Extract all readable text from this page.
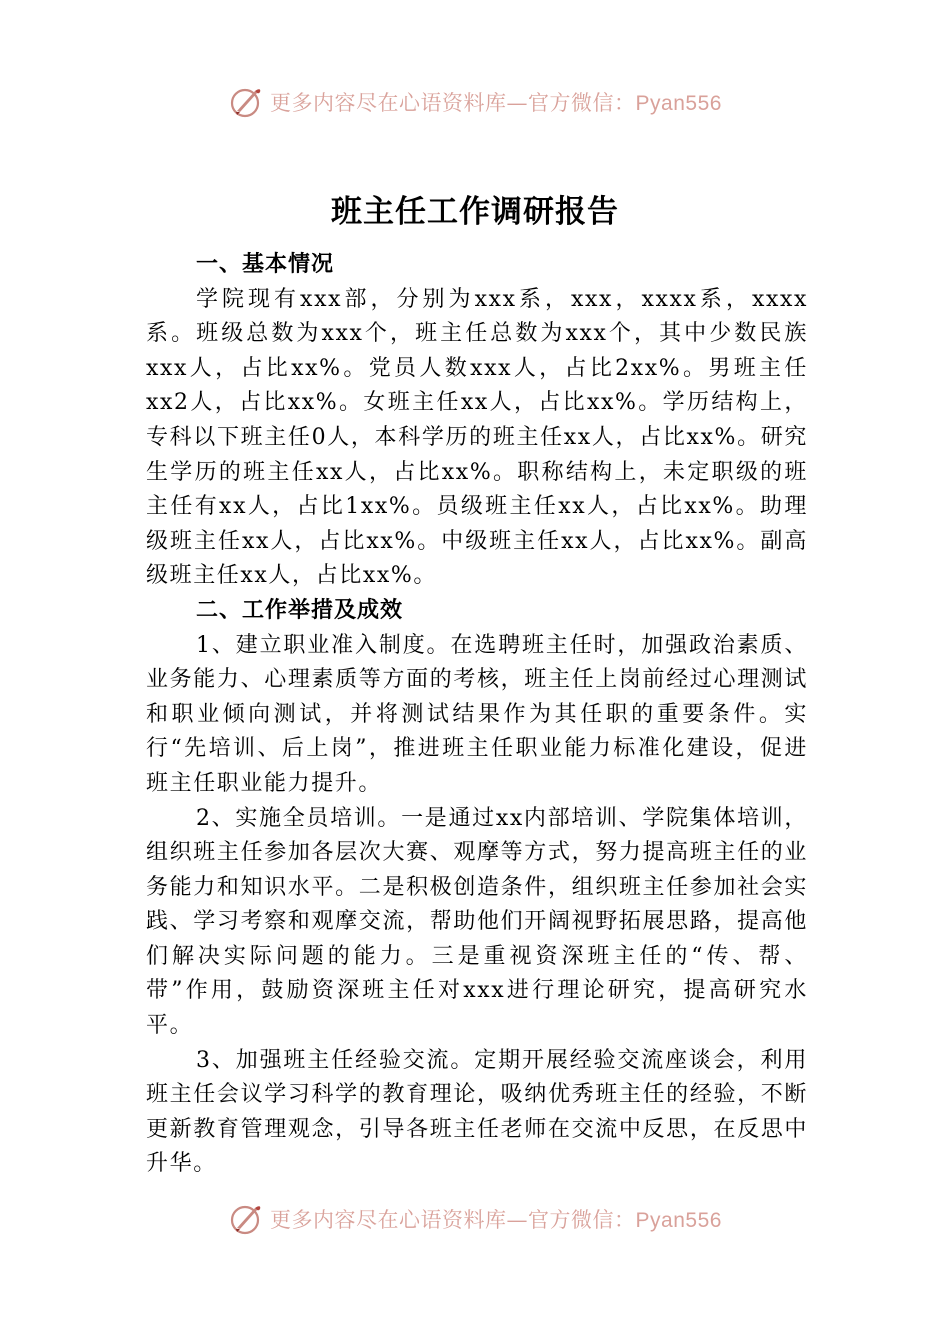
更多内容尽在心语资料库—官方微信：Pyan556
班主任工作调研报告
一、基本情况

学院现有xxx部，分别为xxx系，xxx，xxxx系，xxxx系。班级总数为xxx个，班主任总数为xxx个，其中少数民族xxx人，占比xx%。党员人数xxx人，占比2xx%。男班主任xx2人，占比xx%。女班主任xx人，占比xx%。学历结构上，专科以下班主任0人，本科学历的班主任xx人，占比xx%。研究生学历的班主任xx人，占比xx%。职称结构上，未定职级的班主任有xx人，占比1xx%。员级班主任xx人，占比xx%。助理级班主任xx人，占比xx%。中级班主任xx人，占比xx%。副高级班主任xx人，占比xx%。

二、工作举措及成效

1、建立职业准入制度。在选聘班主任时，加强政治素质、业务能力、心理素质等方面的考核，班主任上岗前经过心理测试和职业倾向测试，并将测试结果作为其任职的重要条件。实行“先培训、后上岗”，推进班主任职业能力标准化建设，促进班主任职业能力提升。

2、实施全员培训。一是通过xx内部培训、学院集体培训，组织班主任参加各层次大赛、观摩等方式，努力提高班主任的业务能力和知识水平。二是积极创造条件，组织班主任参加社会实践、学习考察和观摩交流，帮助他们开阔视野拓展思路，提高他们解决实际问题的能力。三是重视资深班主任的“传、帮、带”作用，鼓励资深班主任对xxx进行理论研究，提高研究水平。

3、加强班主任经验交流。定期开展经验交流座谈会，利用班主任会议学习科学的教育理论，吸纳优秀班主任的经验，不断更新教育管理观念，引导各班主任老师在交流中反思，在反思中升华。

更多内容尽在心语资料库—官方微信：Pyan556
